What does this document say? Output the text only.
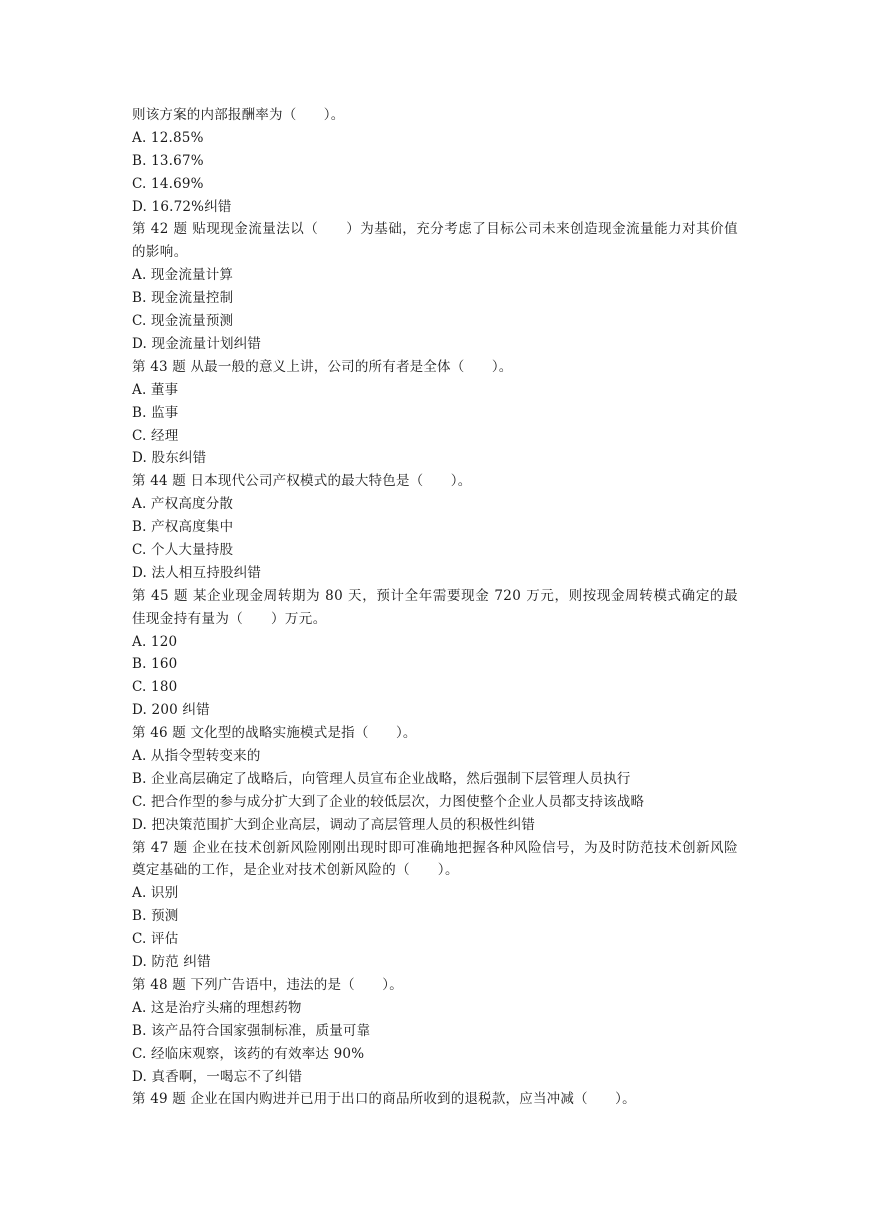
则该方案的内部报酬率为（　　）。
A. 12.85%
B. 13.67%
C. 14.69%
D. 16.72%纠错
第 42 题 贴现现金流量法以（　　）为基础，充分考虑了目标公司未来创造现金流量能力对其价值的影响。
A. 现金流量计算
B. 现金流量控制
C. 现金流量预测
D. 现金流量计划纠错
第 43 题 从最一般的意义上讲，公司的所有者是全体（　　）。
A. 董事
B. 监事
C. 经理
D. 股东纠错
第 44 题 日本现代公司产权模式的最大特色是（　　）。
A. 产权高度分散
B. 产权高度集中
C. 个人大量持股
D. 法人相互持股纠错
第 45 题 某企业现金周转期为 80 天，预计全年需要现金 720 万元，则按现金周转模式确定的最佳现金持有量为（　　）万元。
A. 120
B. 160
C. 180
D. 200 纠错
第 46 题 文化型的战略实施模式是指（　　）。
A. 从指令型转变来的
B. 企业高层确定了战略后，向管理人员宣布企业战略，然后强制下层管理人员执行
C. 把合作型的参与成分扩大到了企业的较低层次，力图使整个企业人员都支持该战略
D. 把决策范围扩大到企业高层，调动了高层管理人员的积极性纠错
第 47 题 企业在技术创新风险刚刚出现时即可准确地把握各种风险信号，为及时防范技术创新风险奠定基础的工作，是企业对技术创新风险的（　　）。
A. 识别
B. 预测
C. 评估
D. 防范 纠错
第 48 题 下列广告语中，违法的是（　　）。
A. 这是治疗头痛的理想药物
B. 该产品符合国家强制标准，质量可靠
C. 经临床观察，该药的有效率达 90%
D. 真香啊，一喝忘不了纠错
第 49 题 企业在国内购进并已用于出口的商品所收到的退税款，应当冲减（　　）。
